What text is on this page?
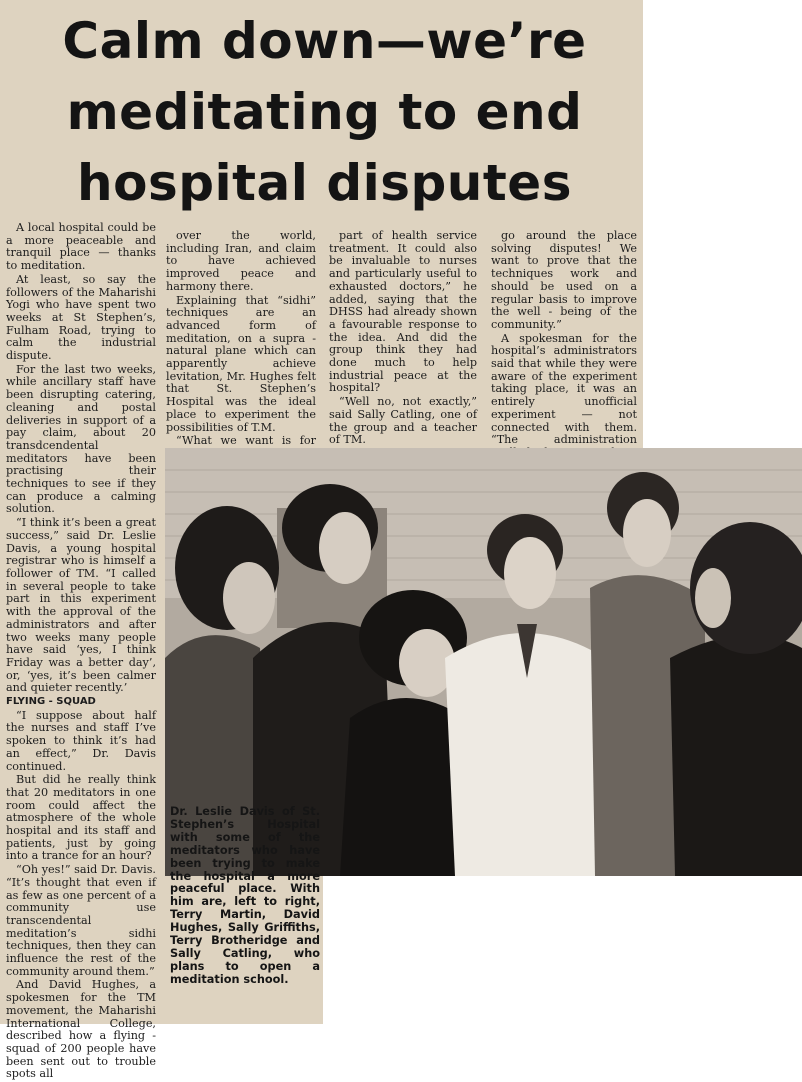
Calm down—we’re meditating to end hospital disputes

A local hospital could be a more peaceable and tranquil place — thanks to meditation.

At least, so say the followers of the Maharishi Yogi who have spent two weeks at St Stephen’s, Fulham Road, trying to calm the industrial dispute.

For the last two weeks, while ancillary staff have been disrupting catering, cleaning and postal deliveries in support of a pay claim, about 20 transdcendental meditators have been practising their techniques to see if they can produce a calming solution.

“I think it’s been a great success,” said Dr. Leslie Davis, a young hospital registrar who is himself a follower of TM. “I called in several people to take part in this experiment with the approval of the administrators and after two weeks many people have said ‘yes, I think Friday was a better day’, or, ‘yes, it’s been calmer and quieter recently.’

FLYING - SQUAD

“I suppose about half the nurses and staff I’ve spoken to think it’s had an effect,” Dr. Davis continued.

But did he really think that 20 meditators in one room could affect the atmosphere of the whole hospital and its staff and patients, just by going into a trance for an hour?

“Oh yes!” said Dr. Davis. “It’s thought that even if as few as one percent of a community use transcendental meditation’s sidhi techniques, then they can influence the rest of the community around them.”

And David Hughes, a spokesmen for the TM movement, the Maharishi International College, described how a flying - squad of 200 people have been sent out to trouble spots all

over the world, including Iran, and claim to have achieved improved peace and harmony there.

Explaining that “sidhi” techniques are an advanced form of meditation, on a supra - natural plane which can apparently achieve levitation, Mr. Hughes felt that St. Stephen’s Hospital was the ideal place to experiment the possibilities of T.M.

“What we want is for

part of health service treatment. It could also be invaluable to nurses and particularly useful to exhausted doctors,” he added, saying that the DHSS had already shown a favourable response to the idea. And did the group think they had done much to help industrial peace at the hospital?

“Well no, not exactly,” said Sally Catling, one of the group and a teacher of TM.

go around the place solving disputes! We want to prove that the techniques work and should be used on a regular basis to improve the well - being of the community.”

A spokesman for the hospital’s administrators said that while they were aware of the experiment taking place, it was an entirely unofficial experiment — not connected with them. “The administration

Dr. Leslie Davis of St. Stephen’s Hospital with some of the meditators who have been trying to make the hospital a more peaceful place. With him are, left to right, Terry Martin, David Hughes, Sally Griffiths, Terry Brotheridge and Sally Catling, who plans to open a meditation school.
